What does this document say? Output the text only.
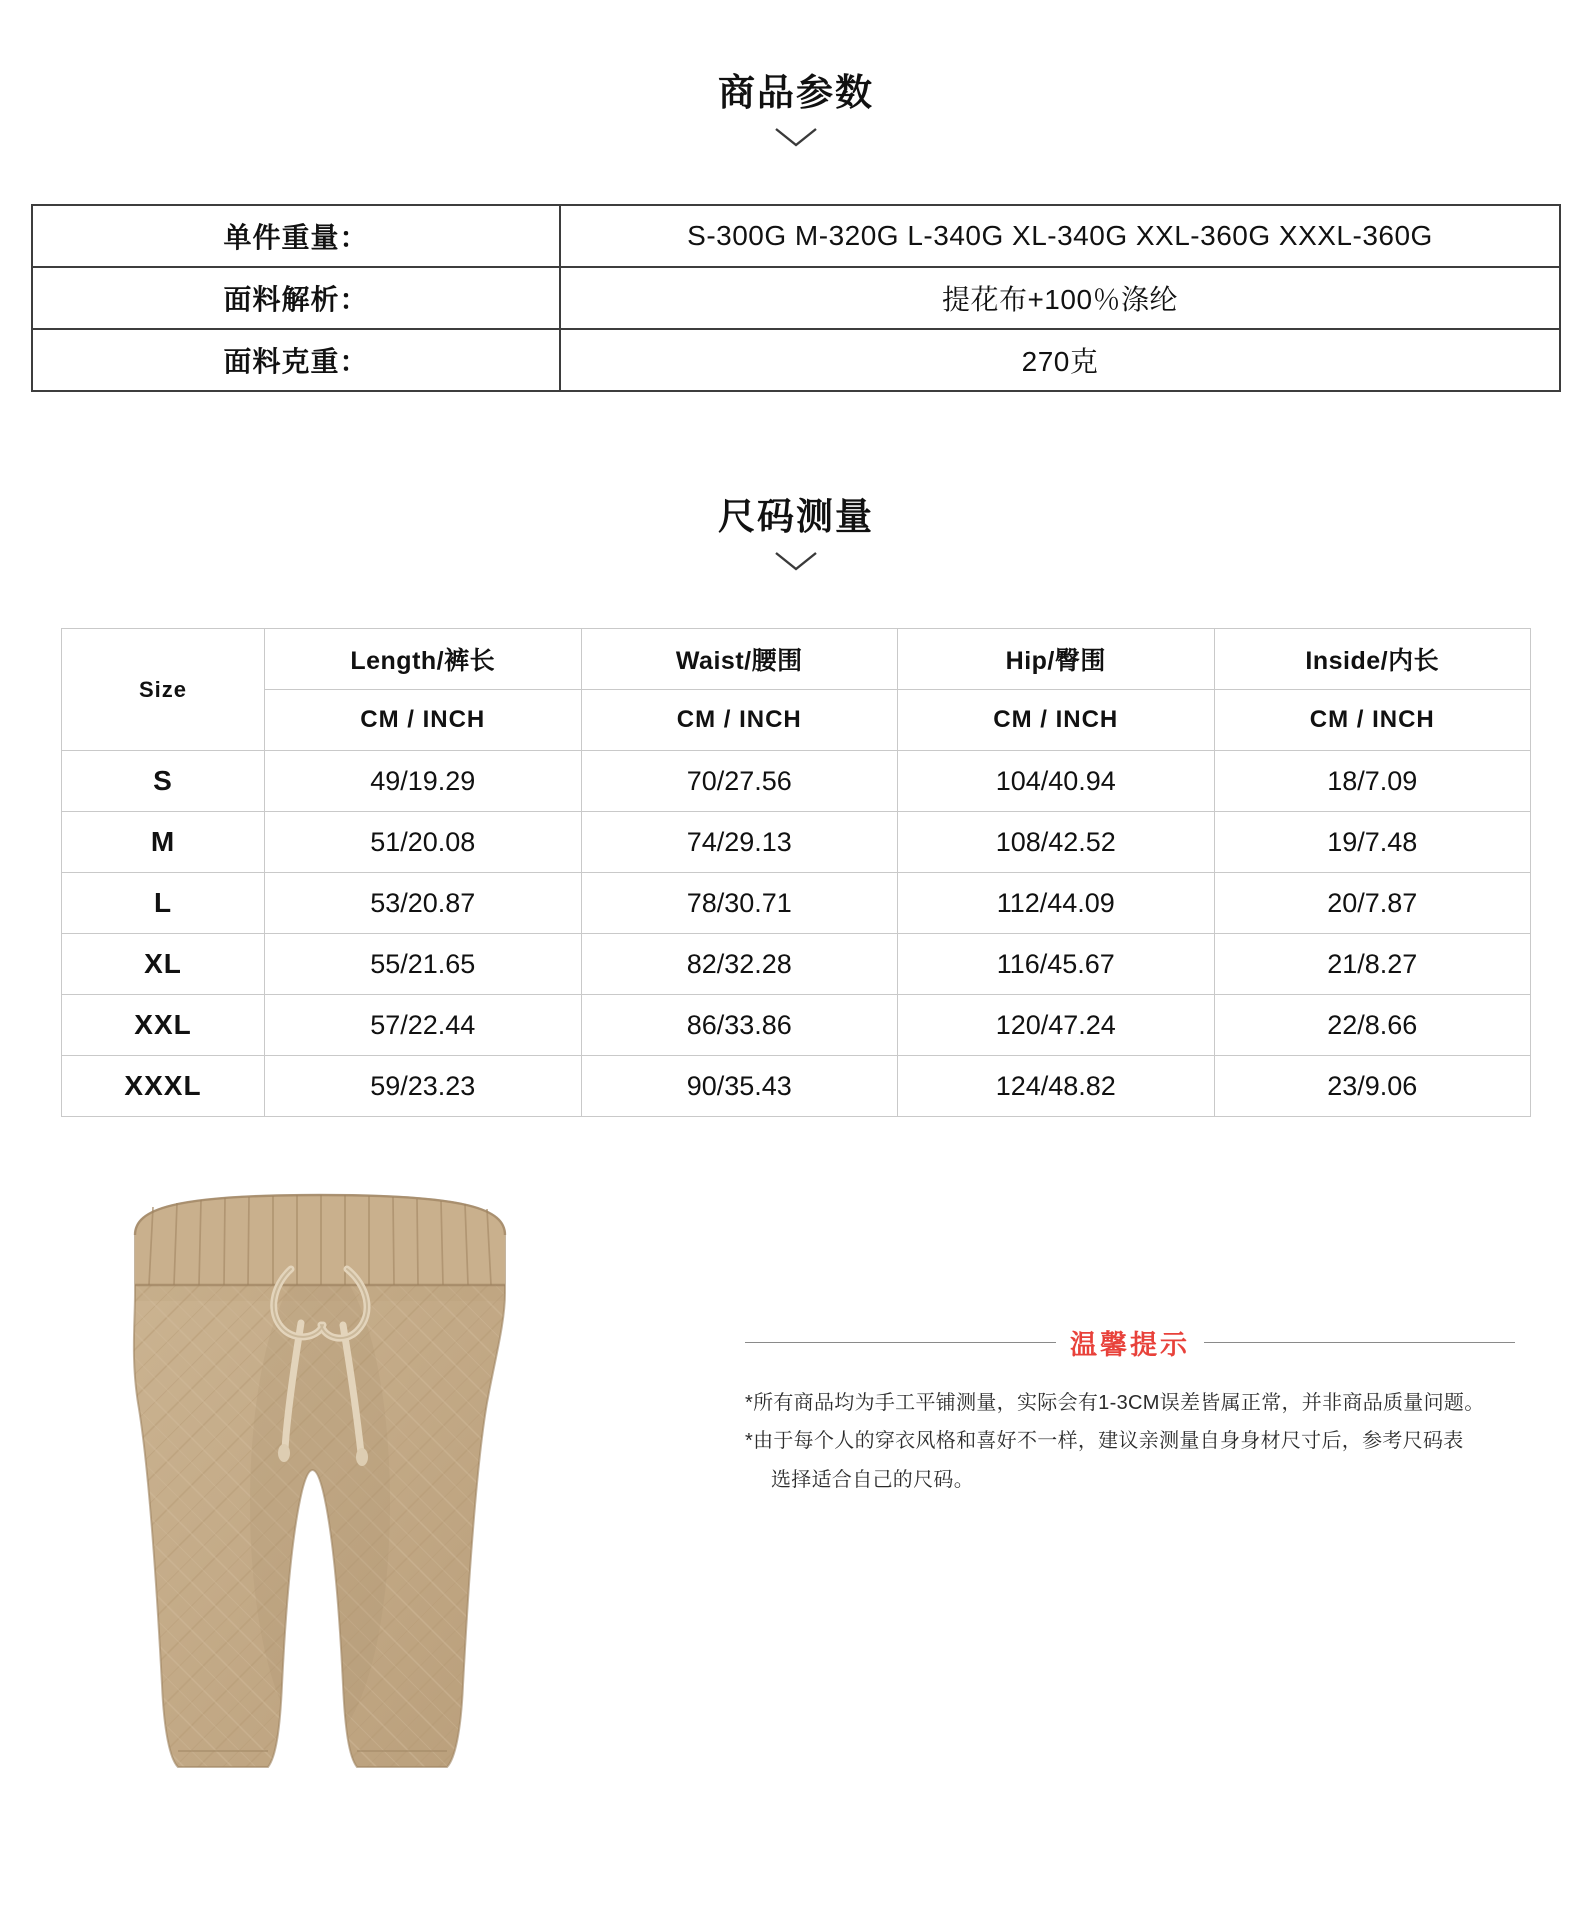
商品参数
单件重量：	S-300G M-320G L-340G XL-340G XXL-360G XXXL-360G
面料解析：	提花布+100％涤纶
面料克重：	270克
尺码测量
Size	Length/裤长	Waist/腰围	Hip/臀围	Inside/内长
	CM / INCH	CM / INCH	CM / INCH	CM / INCH
S	49/19.29	70/27.56	104/40.94	18/7.09
M	51/20.08	74/29.13	108/42.52	19/7.48
L	53/20.87	78/30.71	112/44.09	20/7.87
XL	55/21.65	82/32.28	116/45.67	21/8.27
XXL	57/22.44	86/33.86	120/47.24	22/8.66
XXXL	59/23.23	90/35.43	124/48.82	23/9.06
温馨提示

*所有商品均为手工平铺测量，实际会有1-3CM误差皆属正常，并非商品质量问题。

*由于每个人的穿衣风格和喜好不一样，建议亲测量自身身材尺寸后，参考尺码表

选择适合自己的尺码。
